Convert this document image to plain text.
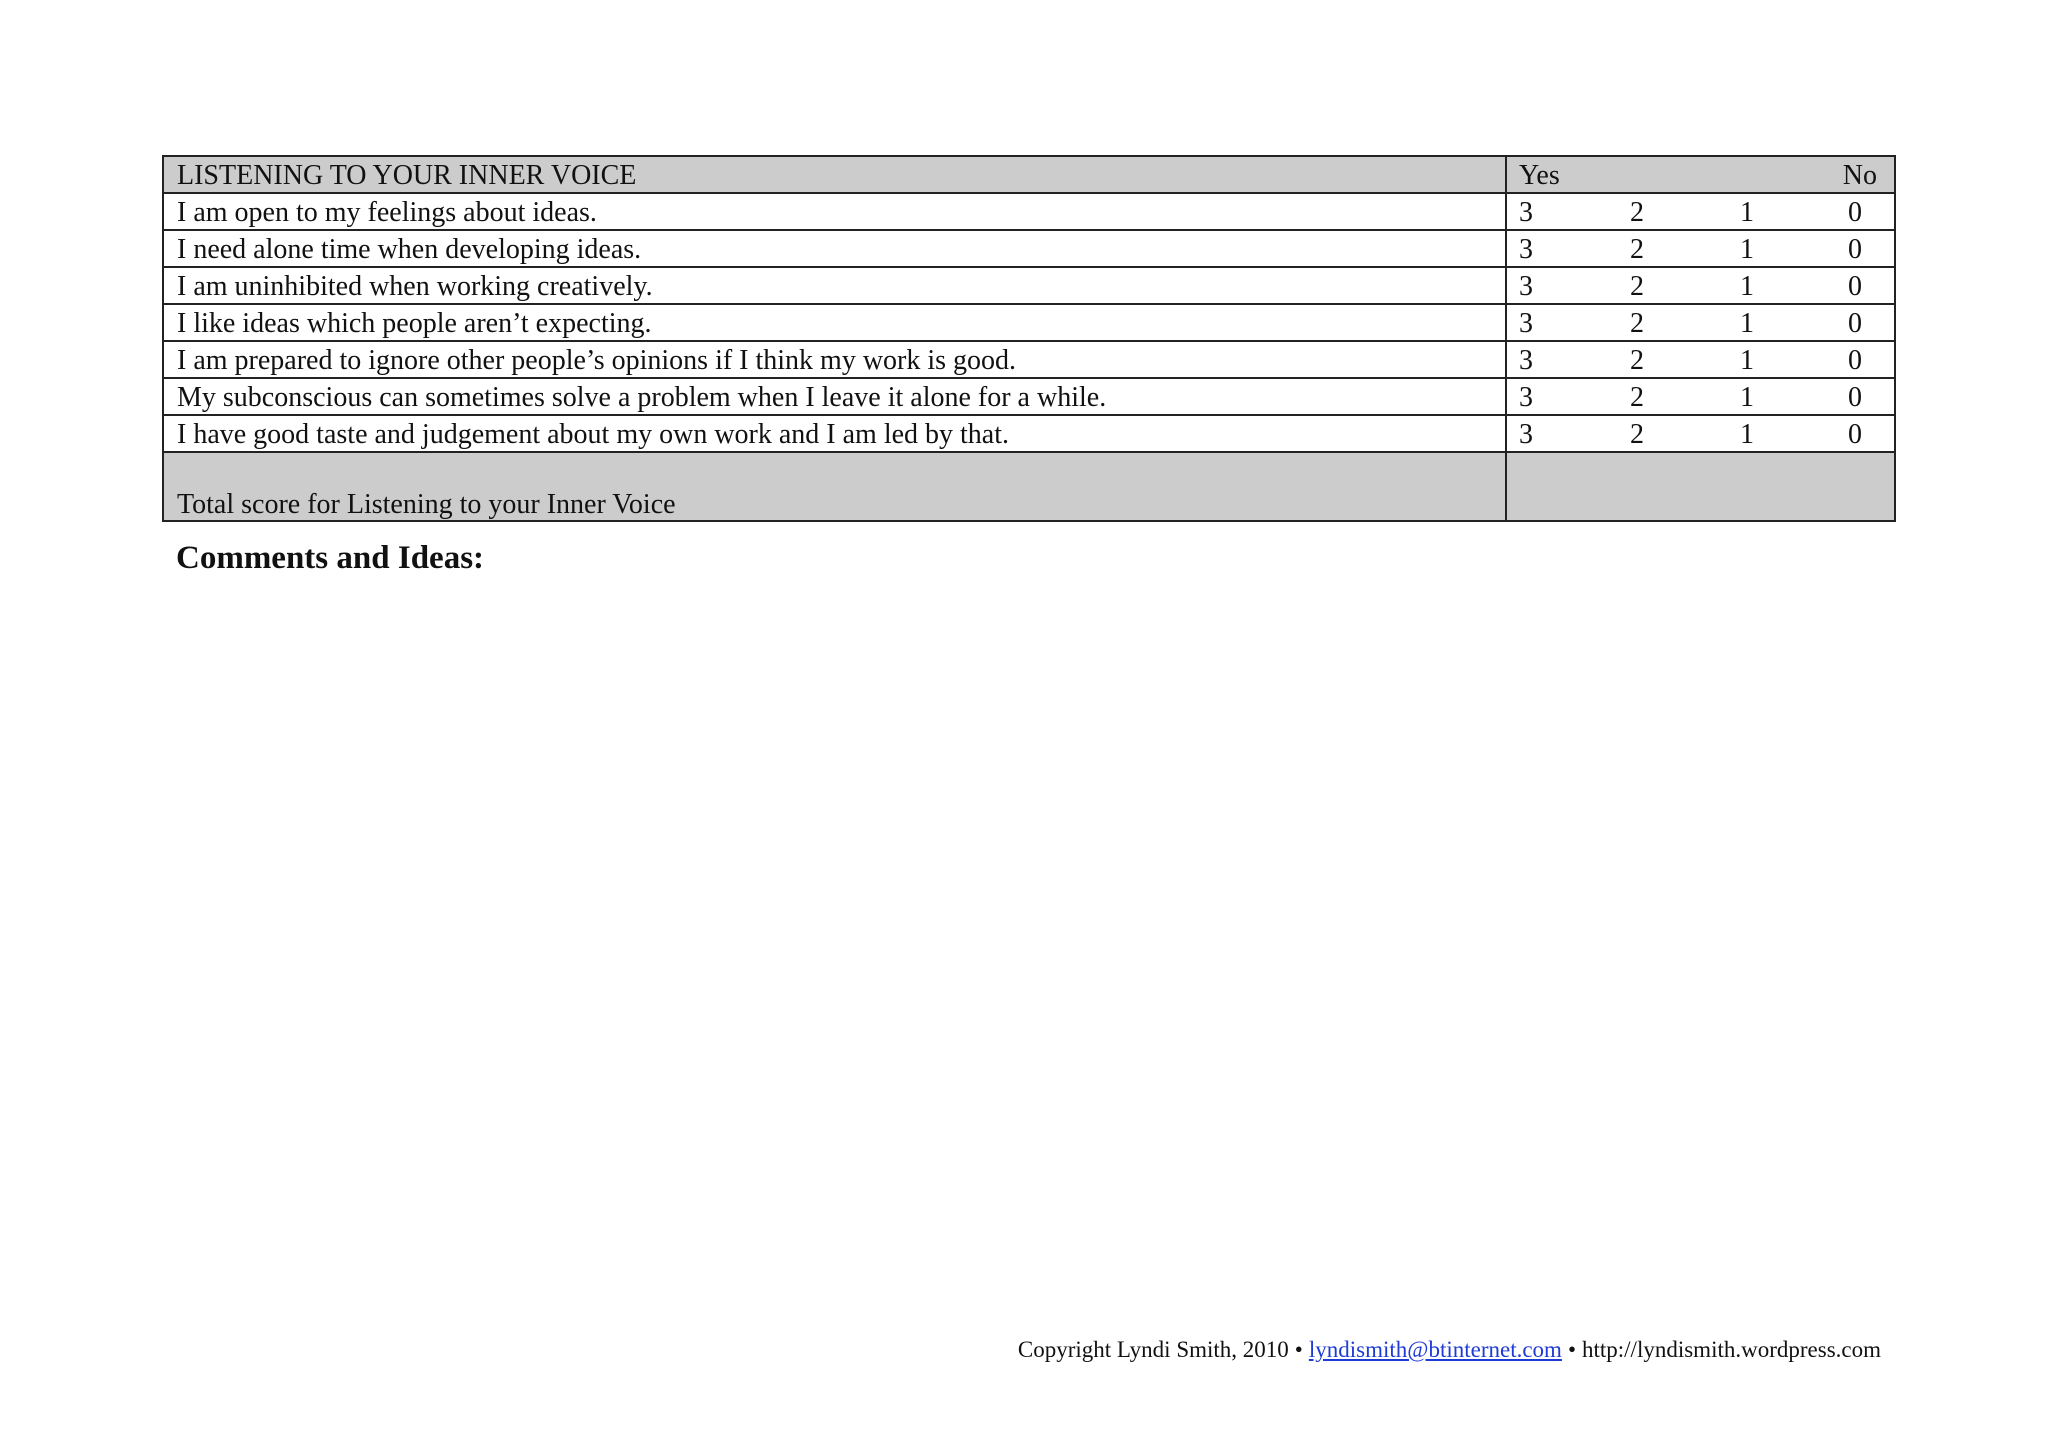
LISTENING TO YOUR INNER VOICE	Yes No

I am open to my feelings about ideas.	3 2 1 0

I need alone time when developing ideas.	3 2 1 0

I am uninhibited when working creatively.	3 2 1 0

I like ideas which people aren’t expecting.	3 2 1 0

I am prepared to ignore other people’s opinions if I think my work is good.	3 2 1 0

My subconscious can sometimes solve a problem when I leave it alone for a while.	3 2 1 0

I have good taste and judgement about my own work and I am led by that.	3 2 1 0

Total score for Listening to your Inner Voice	
Comments and Ideas:
Copyright Lyndi Smith, 2010 • lyndismith@btinternet.com • http://lyndismith.wordpress.com
